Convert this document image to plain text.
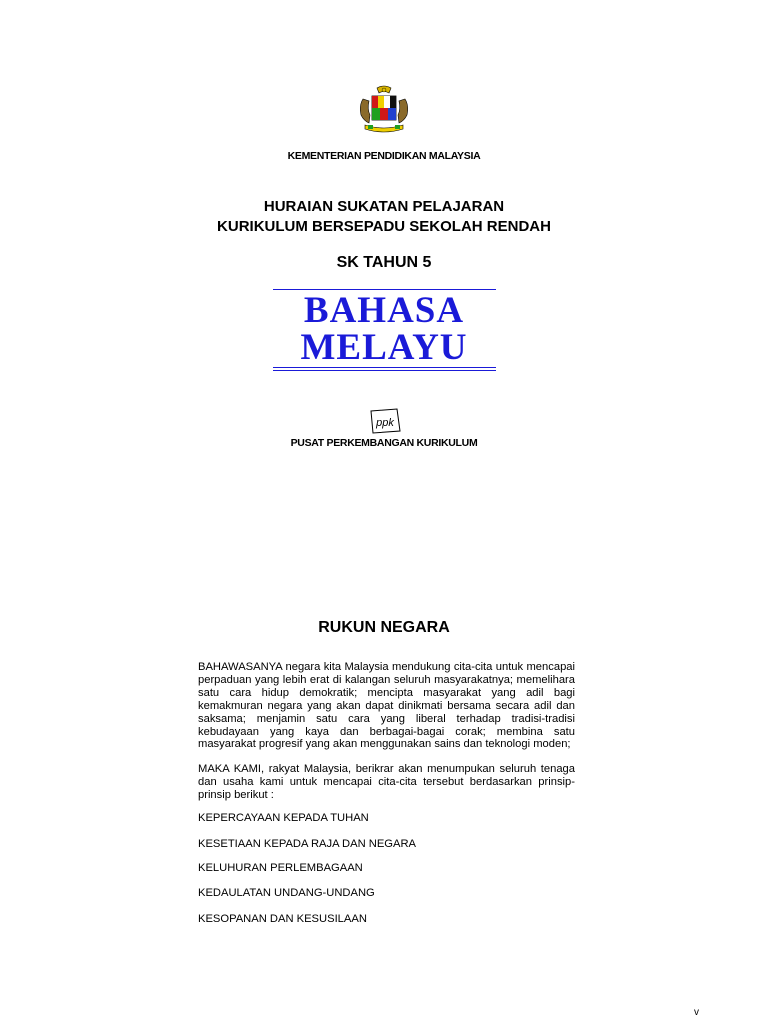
KEMENTERIAN PENDIDIKAN MALAYSIA
HURAIAN SUKATAN PELAJARAN
KURIKULUM BERSEPADU SEKOLAH RENDAH
SK TAHUN 5
BAHASA
MELAYU
ppk
PUSAT PERKEMBANGAN KURIKULUM
RUKUN NEGARA
BAHAWASANYA negara kita Malaysia mendukung cita-cita untuk mencapai perpaduan yang lebih erat di kalangan seluruh masyarakatnya; memelihara satu cara hidup demokratik; mencipta masyarakat yang adil bagi kemakmuran negara yang akan dapat dinikmati bersama secara adil dan saksama; menjamin satu cara yang liberal terhadap tradisi-tradisi kebudayaan yang kaya dan berbagai-bagai corak; membina satu masyarakat progresif yang akan menggunakan sains dan teknologi moden;
MAKA KAMI, rakyat Malaysia, berikrar akan menumpukan seluruh tenaga dan usaha kami untuk mencapai cita-cita tersebut berdasarkan prinsip-prinsip berikut :
KEPERCAYAAN KEPADA TUHAN
KESETIAAN KEPADA RAJA DAN NEGARA
KELUHURAN PERLEMBAGAAN
KEDAULATAN UNDANG-UNDANG
KESOPANAN DAN KESUSILAAN
v
